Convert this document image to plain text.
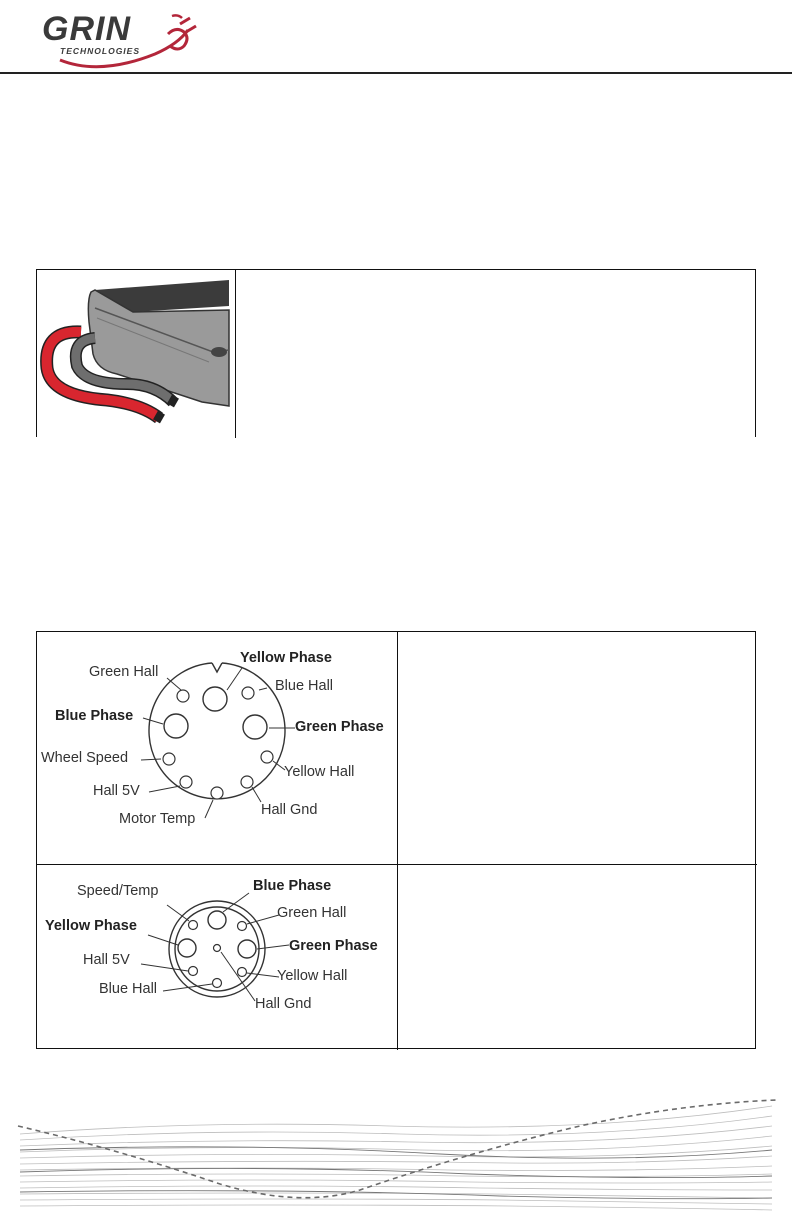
GRIN
TECHNOLOGIES
Green Hall
Yellow Phase
Blue Hall
Blue Phase
Green Phase
Wheel Speed
Yellow Hall
Hall 5V
Hall Gnd
Motor Temp
Speed/Temp	Blue Phase
Green Hall
Yellow Phase
Green Phase
Hall 5V
Yellow Hall
Blue Hall
Hall Gnd
